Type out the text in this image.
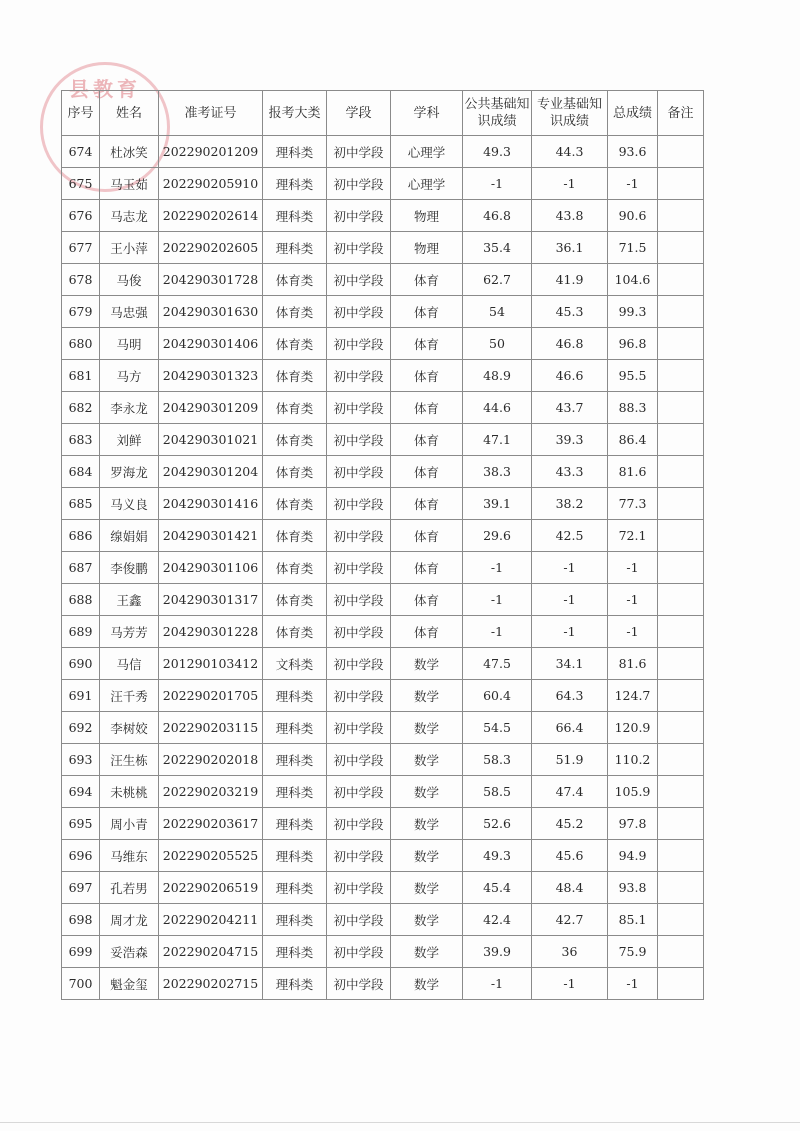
县教育
序号	姓名	准考证号	报考大类	学段	学科	公共基础知识成绩	专业基础知识成绩	总成绩	备注
674	杜冰笑	202290201209	理科类	初中学段	心理学	49.3	44.3	93.6	
675	马玉茹	202290205910	理科类	初中学段	心理学	-1	-1	-1	
676	马志龙	202290202614	理科类	初中学段	物理	46.8	43.8	90.6	
677	王小萍	202290202605	理科类	初中学段	物理	35.4	36.1	71.5	
678	马俊	204290301728	体育类	初中学段	体育	62.7	41.9	104.6	
679	马忠强	204290301630	体育类	初中学段	体育	54	45.3	99.3	
680	马明	204290301406	体育类	初中学段	体育	50	46.8	96.8	
681	马方	204290301323	体育类	初中学段	体育	48.9	46.6	95.5	
682	李永龙	204290301209	体育类	初中学段	体育	44.6	43.7	88.3	
683	刘鲜	204290301021	体育类	初中学段	体育	47.1	39.3	86.4	
684	罗海龙	204290301204	体育类	初中学段	体育	38.3	43.3	81.6	
685	马义良	204290301416	体育类	初中学段	体育	39.1	38.2	77.3	
686	缐娟娟	204290301421	体育类	初中学段	体育	29.6	42.5	72.1	
687	李俊鹏	204290301106	体育类	初中学段	体育	-1	-1	-1	
688	王鑫	204290301317	体育类	初中学段	体育	-1	-1	-1	
689	马芳芳	204290301228	体育类	初中学段	体育	-1	-1	-1	
690	马信	201290103412	文科类	初中学段	数学	47.5	34.1	81.6	
691	汪千秀	202290201705	理科类	初中学段	数学	60.4	64.3	124.7	
692	李树姣	202290203115	理科类	初中学段	数学	54.5	66.4	120.9	
693	汪生栋	202290202018	理科类	初中学段	数学	58.3	51.9	110.2	
694	未桃桃	202290203219	理科类	初中学段	数学	58.5	47.4	105.9	
695	周小青	202290203617	理科类	初中学段	数学	52.6	45.2	97.8	
696	马维东	202290205525	理科类	初中学段	数学	49.3	45.6	94.9	
697	孔若男	202290206519	理科类	初中学段	数学	45.4	48.4	93.8	
698	周才龙	202290204211	理科类	初中学段	数学	42.4	42.7	85.1	
699	妥浩森	202290204715	理科类	初中学段	数学	39.9	36	75.9	
700	魁金玺	202290202715	理科类	初中学段	数学	-1	-1	-1	
